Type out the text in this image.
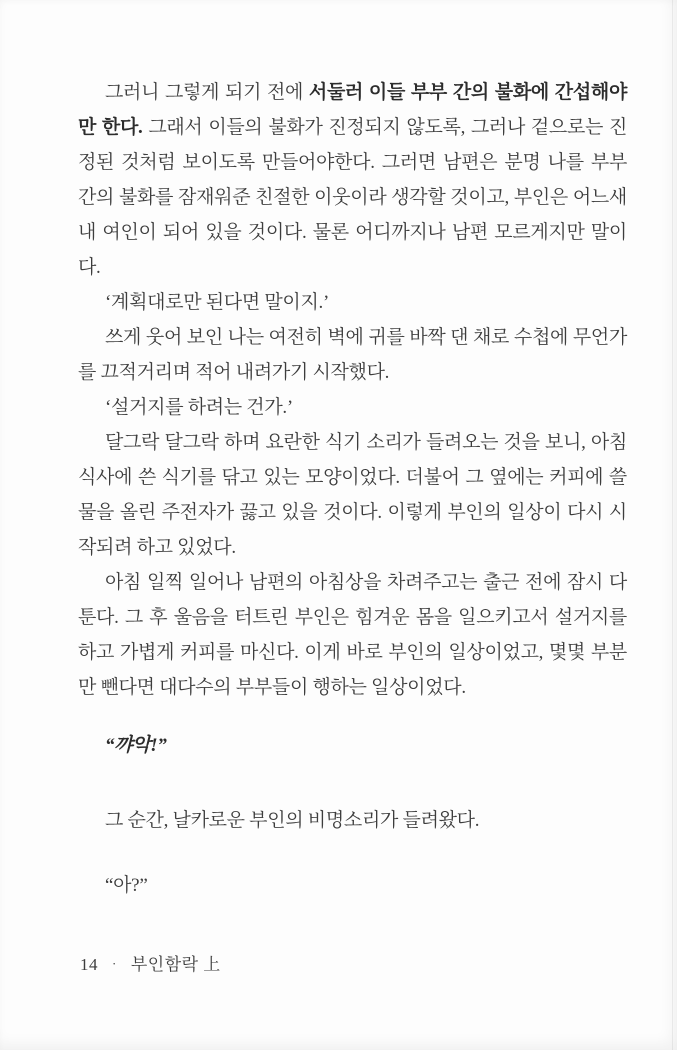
그러니 그렇게 되기 전에 서둘러 이들 부부 간의 불화에 간섭해야만 한다. 그래서 이들의 불화가 진정되지 않도록, 그러나 겉으로는 진정된 것처럼 보이도록 만들어야한다. 그러면 남편은 분명 나를 부부 간의 불화를 잠재워준 친절한 이웃이라 생각할 것이고, 부인은 어느새 내 여인이 되어 있을 것이다. 물론 어디까지나 남편 모르게지만 말이다.

‘계획대로만 된다면 말이지.’

쓰게 웃어 보인 나는 여전히 벽에 귀를 바짝 댄 채로 수첩에 무언가를 끄적거리며 적어 내려가기 시작했다.

‘설거지를 하려는 건가.’

달그락 달그락 하며 요란한 식기 소리가 들려오는 것을 보니, 아침 식사에 쓴 식기를 닦고 있는 모양이었다. 더불어 그 옆에는 커피에 쓸 물을 올린 주전자가 끓고 있을 것이다. 이렇게 부인의 일상이 다시 시작되려 하고 있었다.

아침 일찍 일어나 남편의 아침상을 차려주고는 출근 전에 잠시 다툰다. 그 후 울음을 터트린 부인은 힘겨운 몸을 일으키고서 설거지를 하고 가볍게 커피를 마신다. 이게 바로 부인의 일상이었고, 몇몇 부분만 뺀다면 대다수의 부부들이 행하는 일상이었다.

“꺄악!”

그 순간, 날카로운 부인의 비명소리가 들려왔다.

“아?”

14 · 부인함락 上
